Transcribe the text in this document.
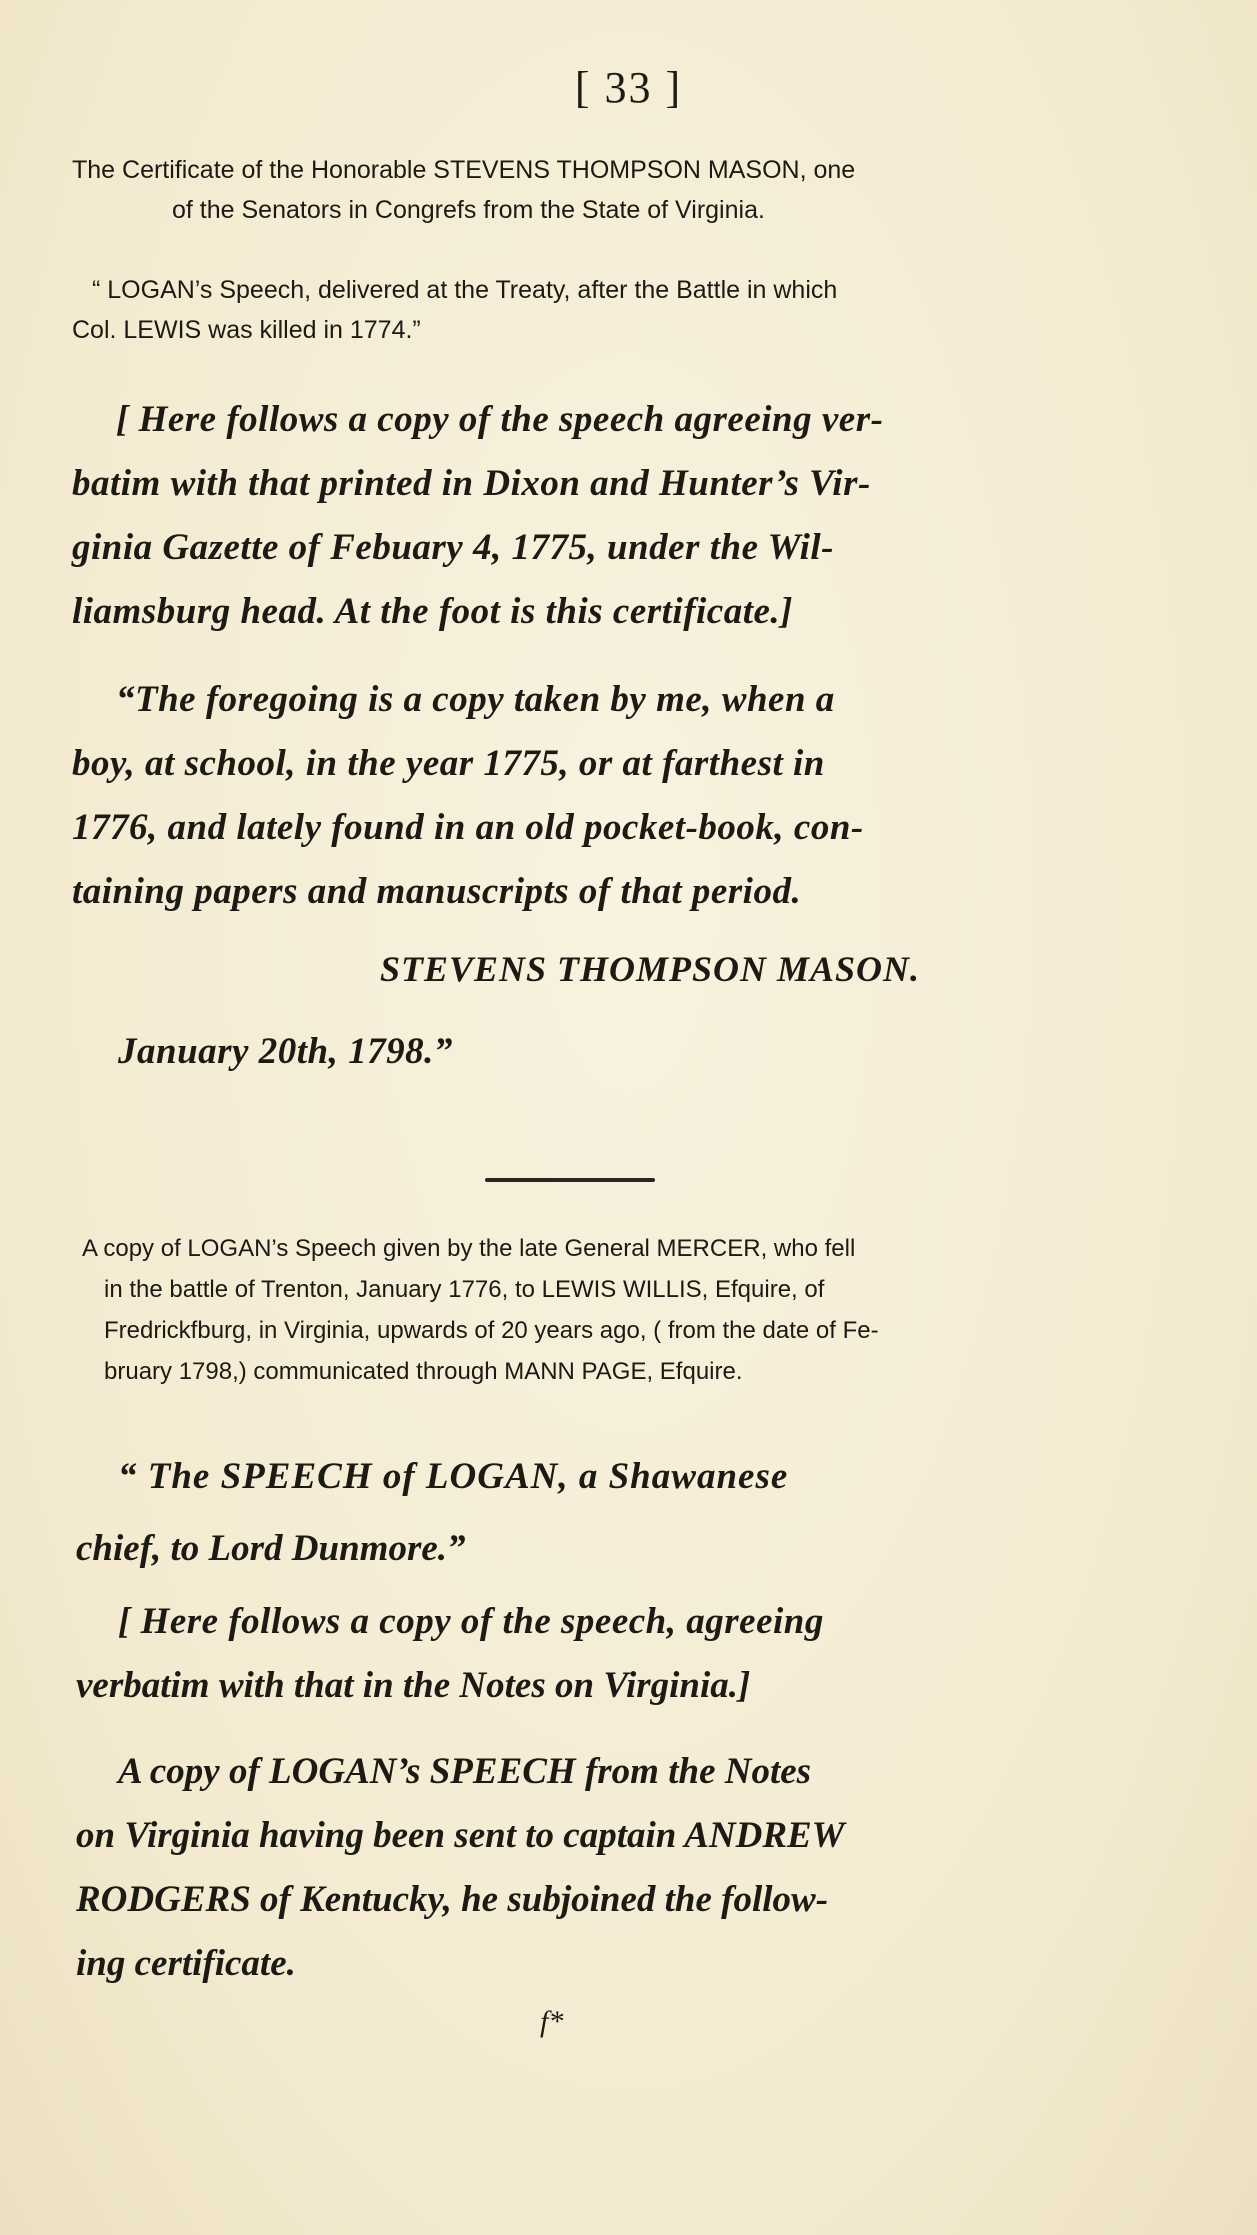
[ 33 ]
The Certificate of the Honorable STEVENS THOMPSON MASON, one
of the Senators in Congrefs from the State of Virginia.
“ LOGAN’s Speech, delivered at the Treaty, after the Battle in which
Col. LEWIS was killed in 1774.”
[ Here follows a copy of the speech agreeing ver-
batim with that printed in Dixon and Hunter’s Vir-
ginia Gazette of Febuary 4, 1775, under the Wil-
liamsburg head. At the foot is this certificate.]
“The foregoing is a copy taken by me, when a
boy, at school, in the year 1775, or at farthest in
1776, and lately found in an old pocket-book, con-
taining papers and manuscripts of that period.
STEVENS THOMPSON MASON.
January 20th, 1798.”
A copy of LOGAN’s Speech given by the late General MERCER, who fell
in the battle of Trenton, January 1776, to LEWIS WILLIS, Efquire, of
Fredrickfburg, in Virginia, upwards of 20 years ago, ( from the date of Fe-
bruary 1798,) communicated through MANN PAGE, Efquire.
“ The SPEECH of LOGAN, a Shawanese
chief, to Lord Dunmore.”
[ Here follows a copy of the speech, agreeing
verbatim with that in the Notes on Virginia.]
A copy of LOGAN’s SPEECH from the Notes
on Virginia having been sent to captain ANDREW
RODGERS of Kentucky, he subjoined the follow-
ing certificate.
f*
